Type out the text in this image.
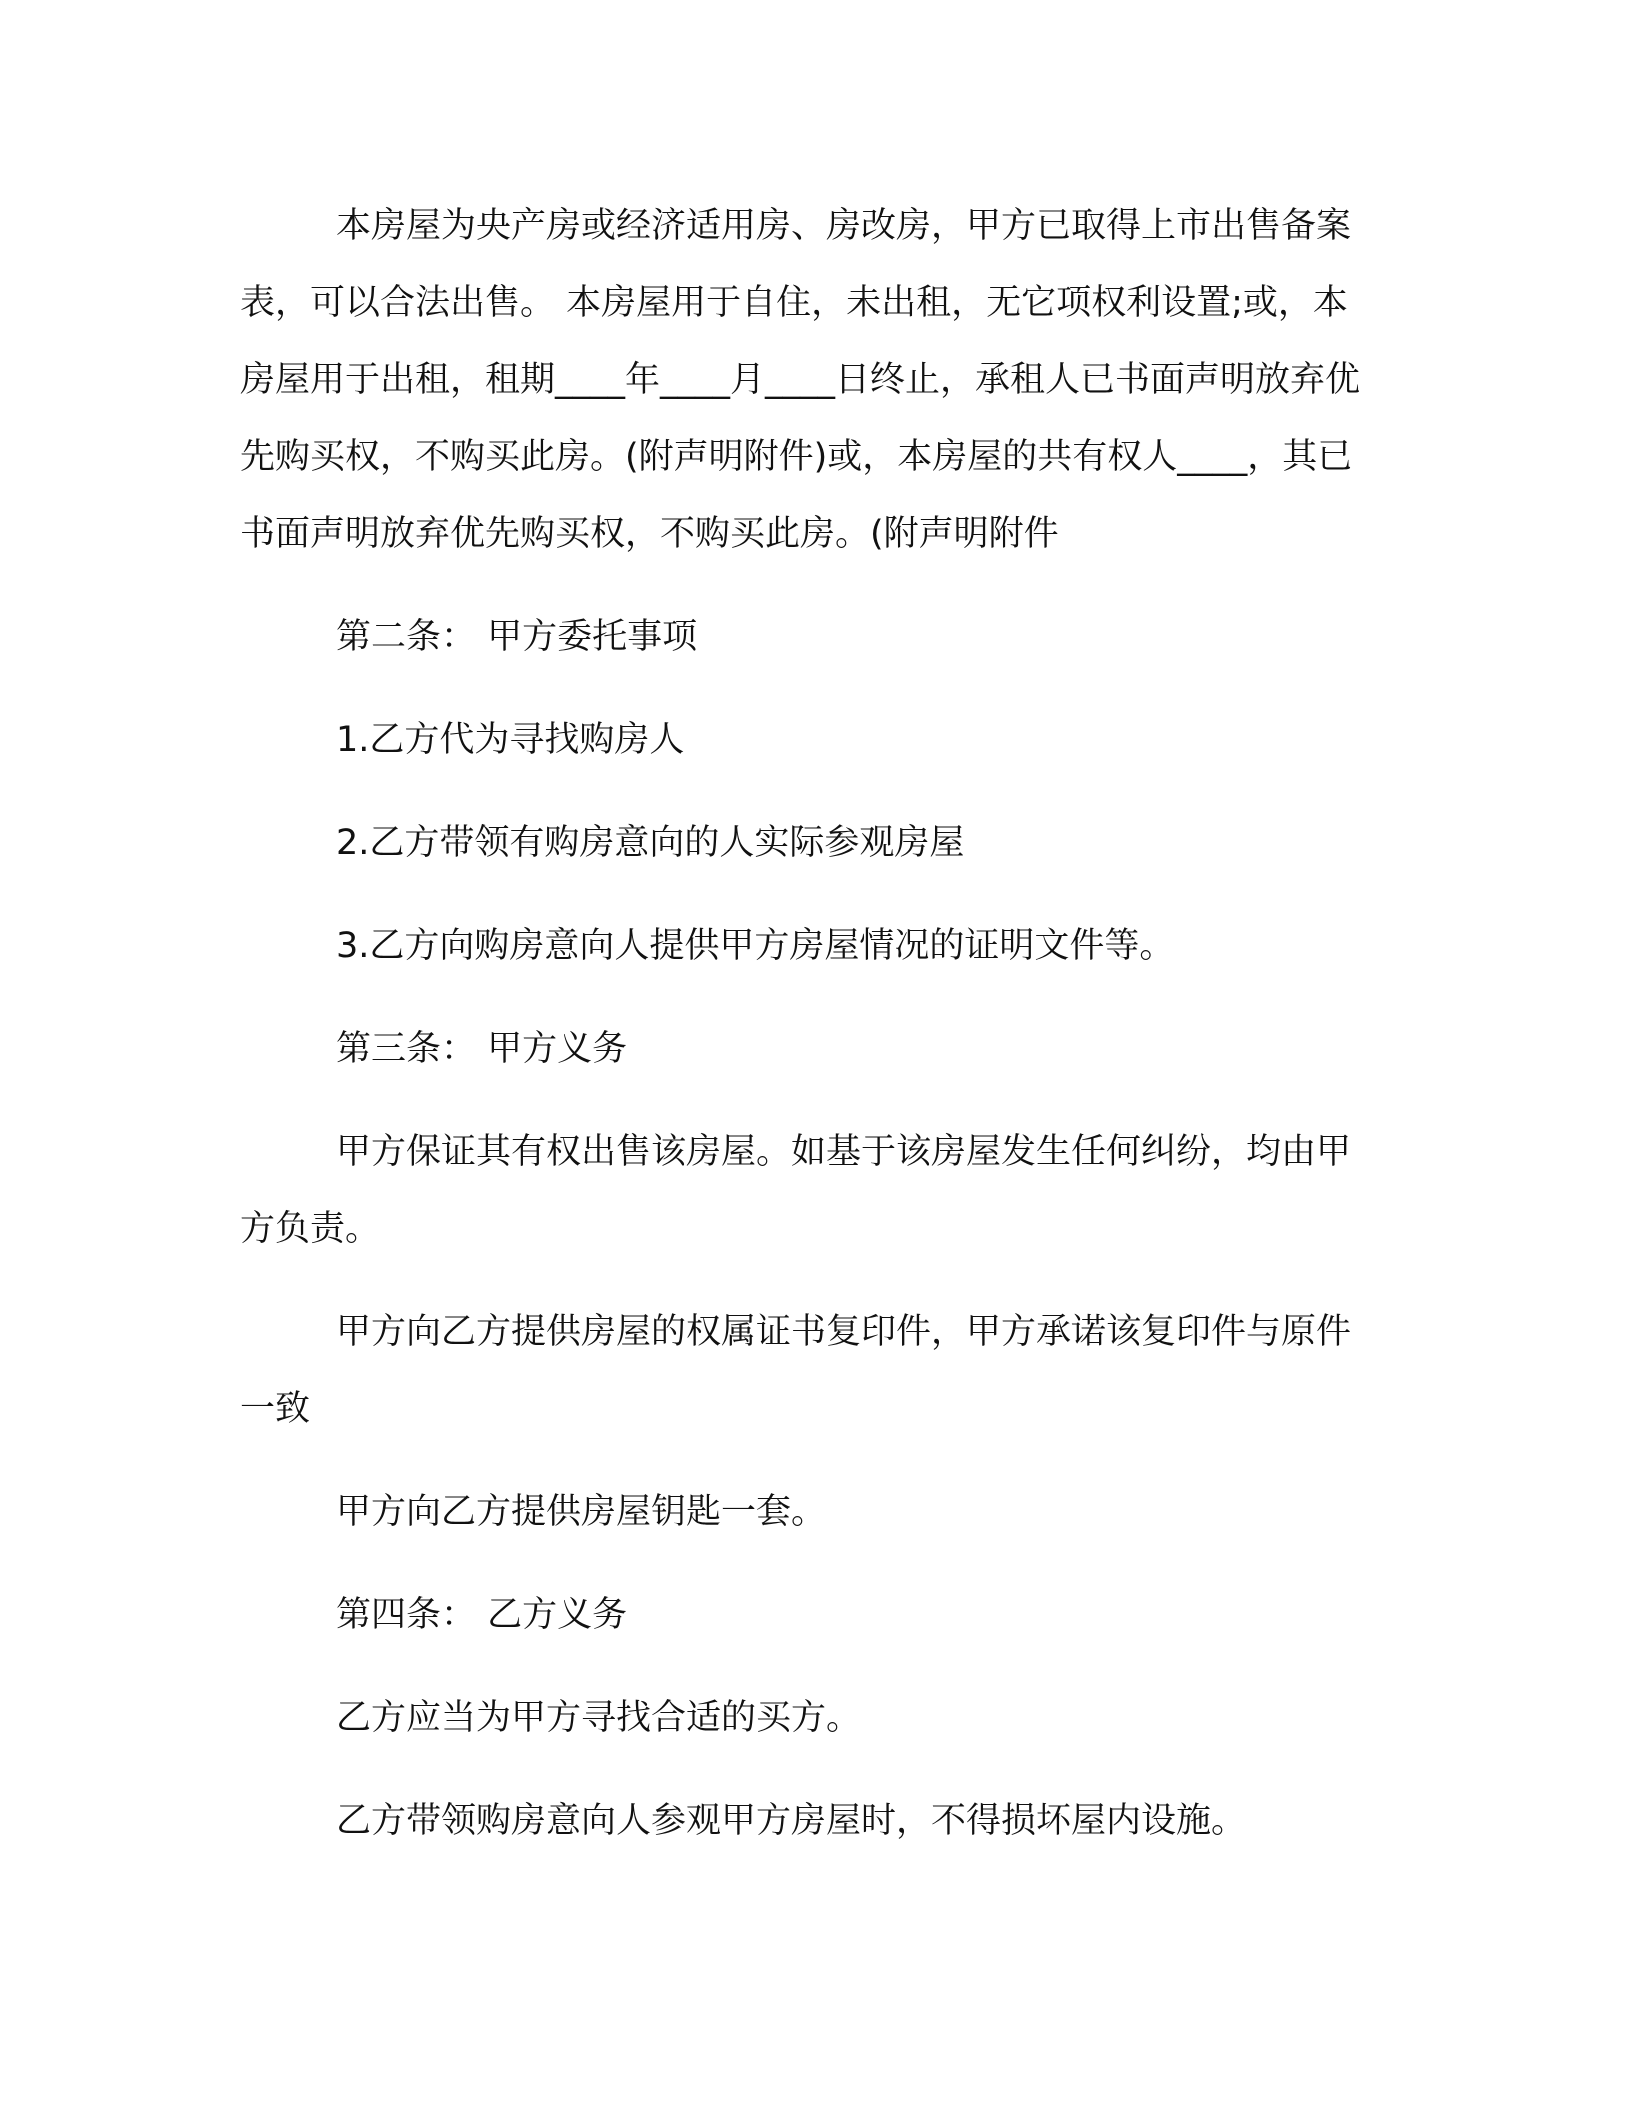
本房屋为央产房或经济适用房、房改房，甲方已取得上市出售备案表，可以合法出售。 本房屋用于自住，未出租，无它项权利设置;或，本房屋用于出租，租期____年____月____日终止，承租人已书面声明放弃优先购买权，不购买此房。(附声明附件)或，本房屋的共有权人____，其已书面声明放弃优先购买权，不购买此房。(附声明附件

第二条： 甲方委托事项

1.乙方代为寻找购房人

2.乙方带领有购房意向的人实际参观房屋

3.乙方向购房意向人提供甲方房屋情况的证明文件等。

第三条： 甲方义务

甲方保证其有权出售该房屋。如基于该房屋发生任何纠纷，均由甲方负责。

甲方向乙方提供房屋的权属证书复印件，甲方承诺该复印件与原件一致

甲方向乙方提供房屋钥匙一套。

第四条： 乙方义务

乙方应当为甲方寻找合适的买方。

乙方带领购房意向人参观甲方房屋时，不得损坏屋内设施。
